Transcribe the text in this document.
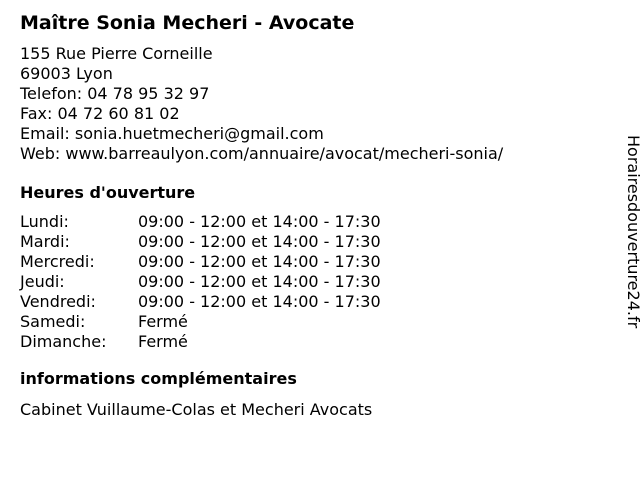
Maître Sonia Mecheri - Avocate
155 Rue Pierre Corneille
69003 Lyon
Telefon: 04 78 95 32 97
Fax: 04 72 60 81 02
Email: sonia.huetmecheri@gmail.com
Web: www.barreaulyon.com/annuaire/avocat/mecheri-sonia/
Heures d'ouverture
Lundi:	09:00 - 12:00 et 14:00 - 17:30
Mardi:	09:00 - 12:00 et 14:00 - 17:30
Mercredi:	09:00 - 12:00 et 14:00 - 17:30
Jeudi:	09:00 - 12:00 et 14:00 - 17:30
Vendredi:	09:00 - 12:00 et 14:00 - 17:30
Samedi:	Fermé
Dimanche:	Fermé
informations complémentaires
Cabinet Vuillaume-Colas et Mecheri Avocats
Horairesdouverture24.fr
